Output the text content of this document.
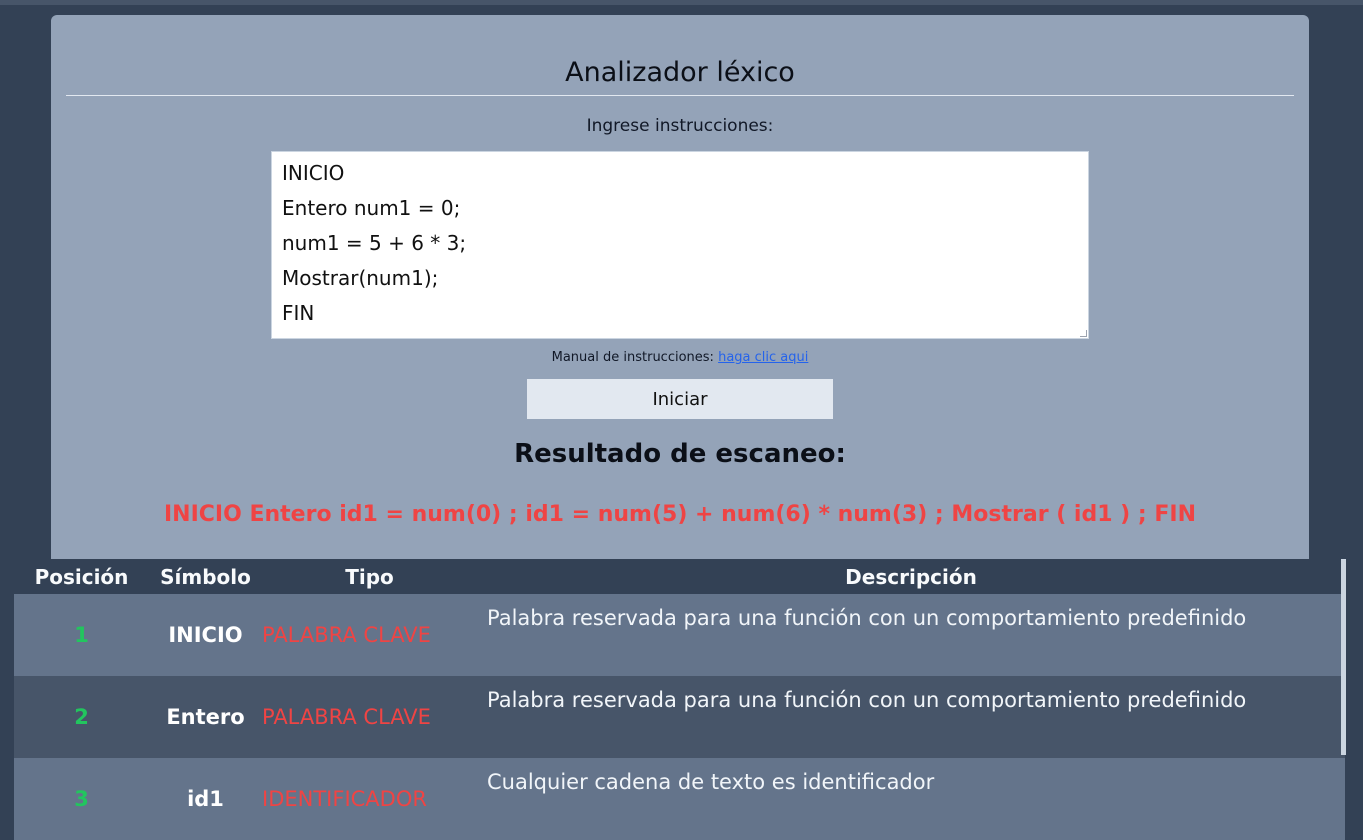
Analizador léxico
Ingrese instrucciones:
INICIO
Entero num1 = 0;
num1 = 5 + 6 * 3;
Mostrar(num1);
FIN
Manual de instrucciones: haga clic aqui
Iniciar
Resultado de escaneo:
INICIO Entero id1 = num(0) ; id1 = num(5) + num(6) * num(3) ; Mostrar ( id1 ) ; FIN
Posición	Símbolo	Tipo	Descripción
1	INICIO	PALABRA CLAVE	Palabra reservada para una función con un comportamiento predefinido
2	Entero	PALABRA CLAVE	Palabra reservada para una función con un comportamiento predefinido
3	id1	IDENTIFICADOR	Cualquier cadena de texto es identificador
